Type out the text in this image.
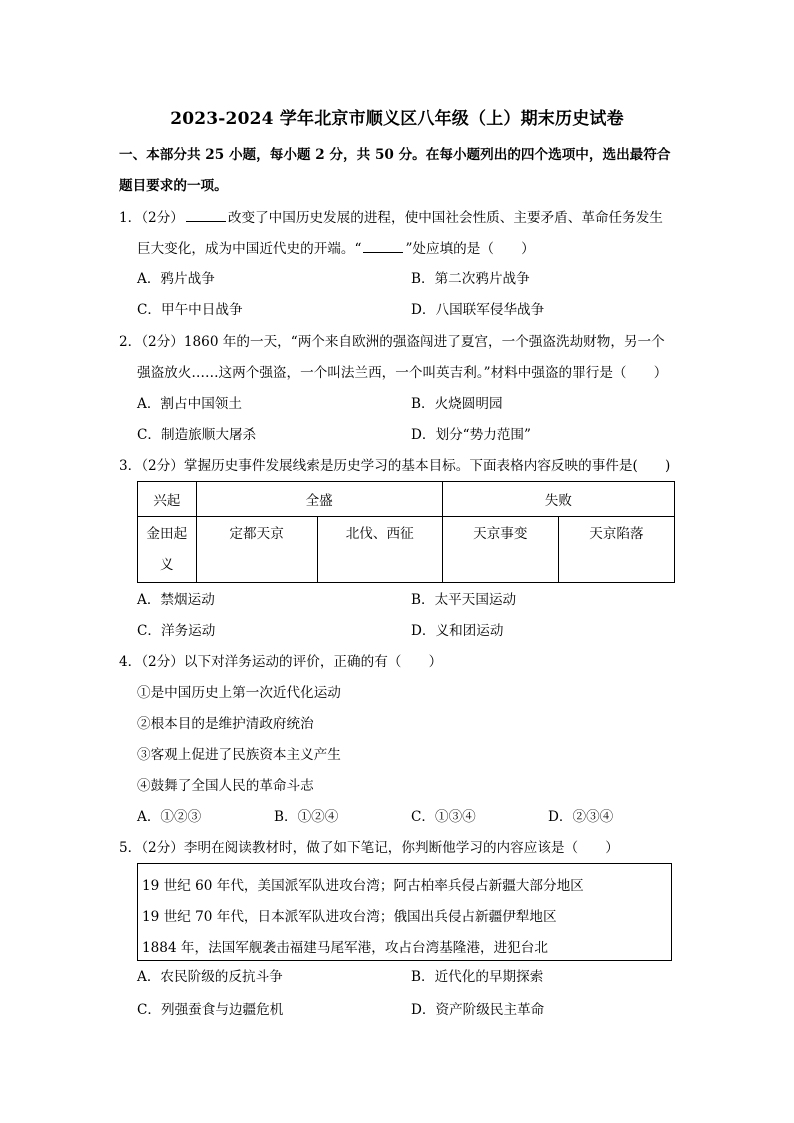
2023-2024 学年北京市顺义区八年级（上）期末历史试卷
一、本部分共 25 小题，每小题 2 分，共 50 分。在每小题列出的四个选项中，选出最符合
题目要求的一项。
1．（2分）	改变了中国历史发展的进程，使中国社会性质、主要矛盾、革命任务发生
巨大变化，成为中国近代史的开端。“	”处应填的是（　　）
A．鸦片战争	B．第二次鸦片战争
C．甲午中日战争	D．八国联军侵华战争
2．（2分）1860 年的一天，“两个来自欧洲的强盗闯进了夏宫，一个强盗洗劫财物，另一个
强盗放火……这两个强盗，一个叫法兰西，一个叫英吉利。”材料中强盗的罪行是（　　）
A．割占中国领土	B．火烧圆明园
C．制造旅顺大屠杀	D．划分“势力范围”
3．（2分）掌握历史事件发展线索是历史学习的基本目标。下面表格内容反映的事件是(　　)
兴起	全盛		失败	
金田起
义	定都天京	北伐、西征	天京事变	天京陷落
A．禁烟运动	B．太平天国运动
C．洋务运动	D．义和团运动
4．（2分）以下对洋务运动的评价，正确的有（　　）
①是中国历史上第一次近代化运动
②根本目的是维护清政府统治
③客观上促进了民族资本主义产生
④鼓舞了全国人民的革命斗志
A．①②③	B．①②④	C．①③④	D．②③④
5．（2分）李明在阅读教材时，做了如下笔记，你判断他学习的内容应该是（　　）
19 世纪 60 年代，美国派军队进攻台湾；阿古柏率兵侵占新疆大部分地区
19 世纪 70 年代，日本派军队进攻台湾；俄国出兵侵占新疆伊犁地区
1884 年，法国军舰袭击福建马尾军港，攻占台湾基隆港，进犯台北
A．农民阶级的反抗斗争	B．近代化的早期探索
C．列强蚕食与边疆危机	D．资产阶级民主革命
